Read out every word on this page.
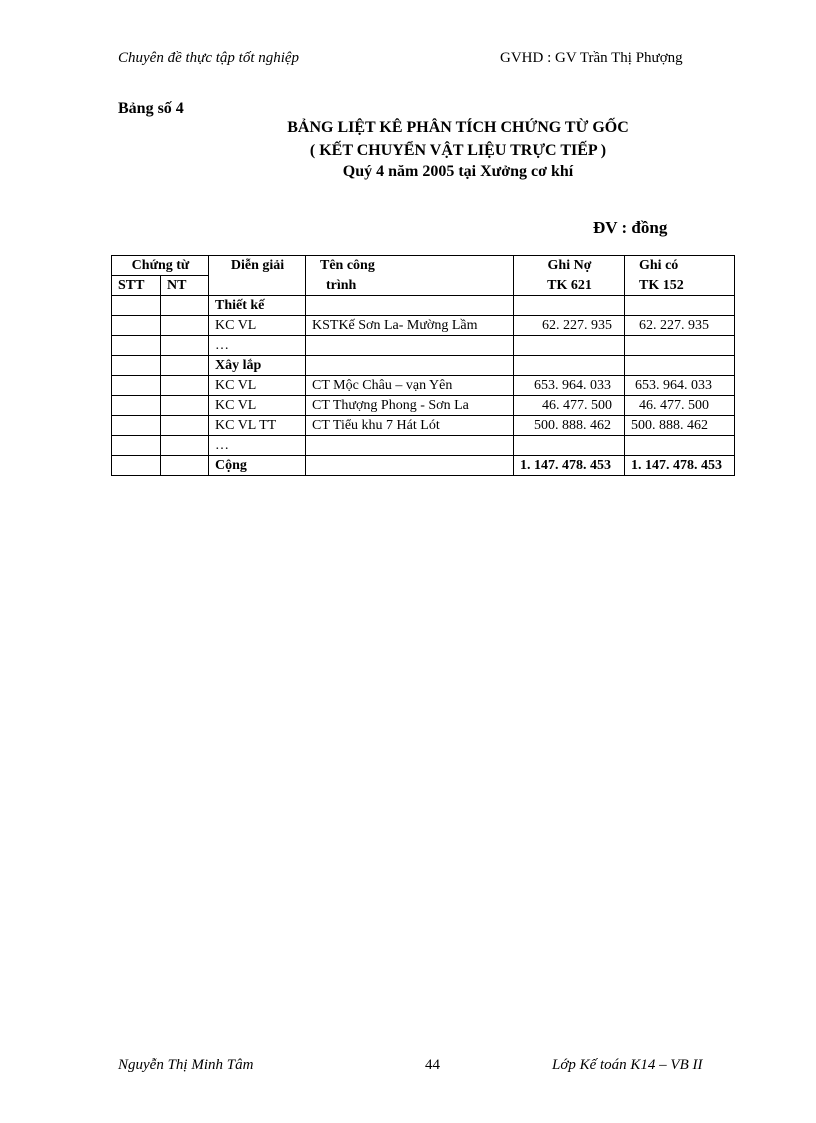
Chuyên đề thực tập tốt nghiệp	GVHD : GV Trần Thị Phượng
Bảng số 4
BẢNG LIỆT KÊ PHÂN TÍCH CHỨNG TỪ GỐC
( KẾT CHUYỂN VẬT LIỆU TRỰC TIẾP )
Quý 4 năm 2005 tại Xưởng cơ khí
ĐV : đồng
Chứng từ		Diễn giải	Tên công	Ghi Nợ	Ghi có
STT	NT		trình	TK 621	TK 152
		Thiết kế			
		KC VL	KSTKế Sơn La- Mường Lầm	62. 227. 935	62. 227. 935
		…			
		Xây lắp			
		KC VL	CT Mộc Châu – vạn Yên	653. 964. 033	653. 964. 033
		KC VL	CT Thượng Phong - Sơn La	46. 477. 500	46. 477. 500
		KC VL TT	CT Tiểu khu 7 Hát Lót	500. 888. 462	500. 888. 462
		…			
		Cộng		1. 147. 478. 453	1. 147. 478. 453
Nguyễn Thị Minh Tâm	44	Lớp Kế toán K14 – VB II
